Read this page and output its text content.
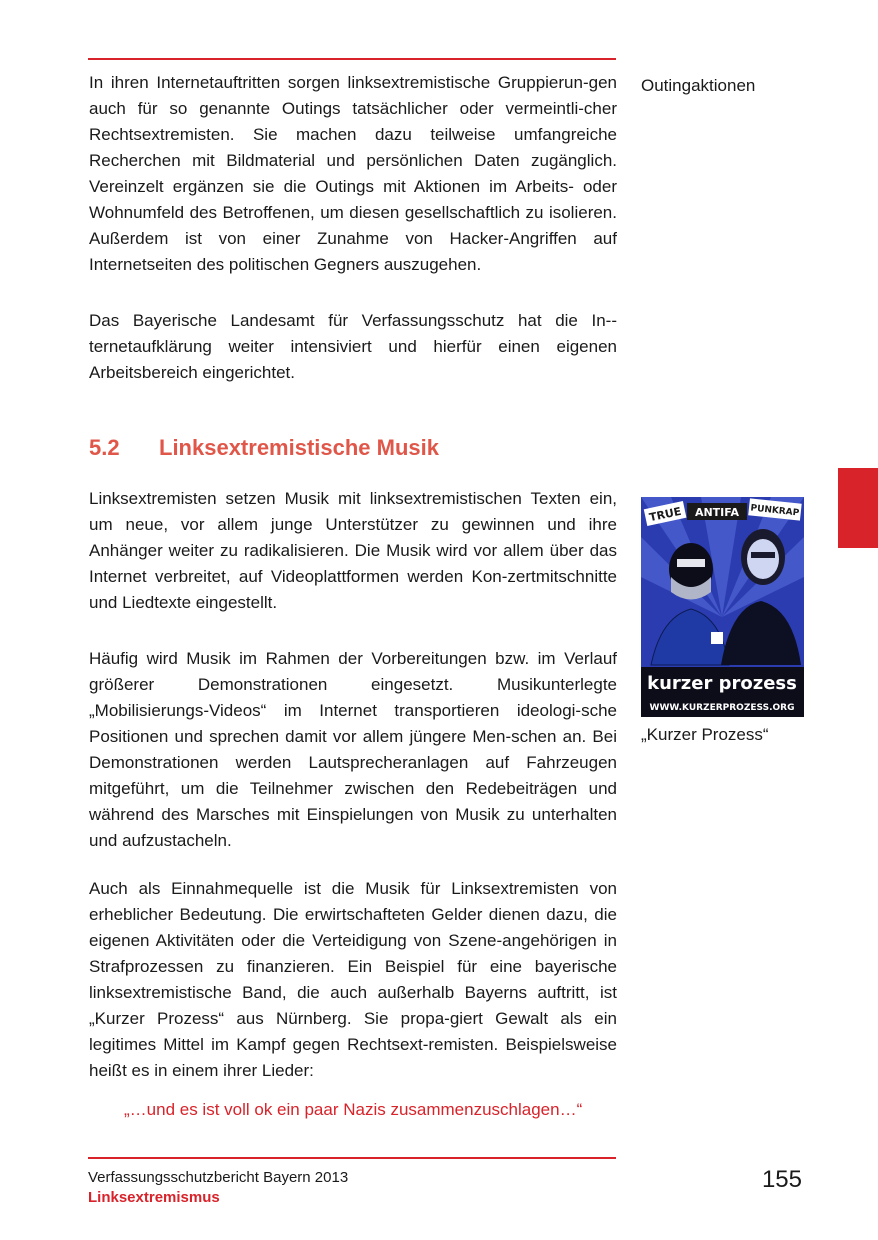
In ihren Internetauftritten sorgen linksextremistische Gruppierun-gen auch für so genannte Outings tatsächlicher oder vermeintli-cher Rechtsextremisten. Sie machen dazu teilweise umfangreiche Recherchen mit Bildmaterial und persönlichen Daten zugänglich. Vereinzelt ergänzen sie die Outings mit Aktionen im Arbeits- oder Wohnumfeld des Betroffenen, um diesen gesellschaftlich zu isolieren. Außerdem ist von einer Zunahme von Hacker-Angriffen auf Internetseiten des politischen Gegners auszugehen.

Outingaktionen

Das Bayerische Landesamt für Verfassungsschutz hat die In-ternetaufklärung weiter intensiviert und hierfür einen eigenen Arbeitsbereich eingerichtet.

5.2 Linksextremistische Musik

Linksextremisten setzen Musik mit linksextremistischen Texten ein, um neue, vor allem junge Unterstützer zu gewinnen und ihre Anhänger weiter zu radikalisieren. Die Musik wird vor allem über das Internet verbreitet, auf Videoplattformen werden Kon-zertmitschnitte und Liedtexte eingestellt.

TRUE ANTIFA PUNKRAP
kurzer prozess
WWW.KURZERPROZESS.ORG
„Kurzer Prozess“

Häufig wird Musik im Rahmen der Vorbereitungen bzw. im Verlauf größerer Demonstrationen eingesetzt. Musikunterlegte „Mobilisierungs-Videos“ im Internet transportieren ideologi-sche Positionen und sprechen damit vor allem jüngere Men-schen an. Bei Demonstrationen werden Lautsprecheranlagen auf Fahrzeugen mitgeführt, um die Teilnehmer zwischen den Redebeiträgen und während des Marsches mit Einspielungen von Musik zu unterhalten und aufzustacheln.

Auch als Einnahmequelle ist die Musik für Linksextremisten von erheblicher Bedeutung. Die erwirtschafteten Gelder dienen dazu, die eigenen Aktivitäten oder die Verteidigung von Szene-angehörigen in Strafprozessen zu finanzieren. Ein Beispiel für eine bayerische linksextremistische Band, die auch außerhalb Bayerns auftritt, ist „Kurzer Prozess“ aus Nürnberg. Sie propa-giert Gewalt als ein legitimes Mittel im Kampf gegen Rechtsext-remisten. Beispielsweise heißt es in einem ihrer Lieder:

„…und es ist voll ok ein paar Nazis zusammenzuschlagen…“

Verfassungsschutzbericht Bayern 2013
Linksextremismus
155
